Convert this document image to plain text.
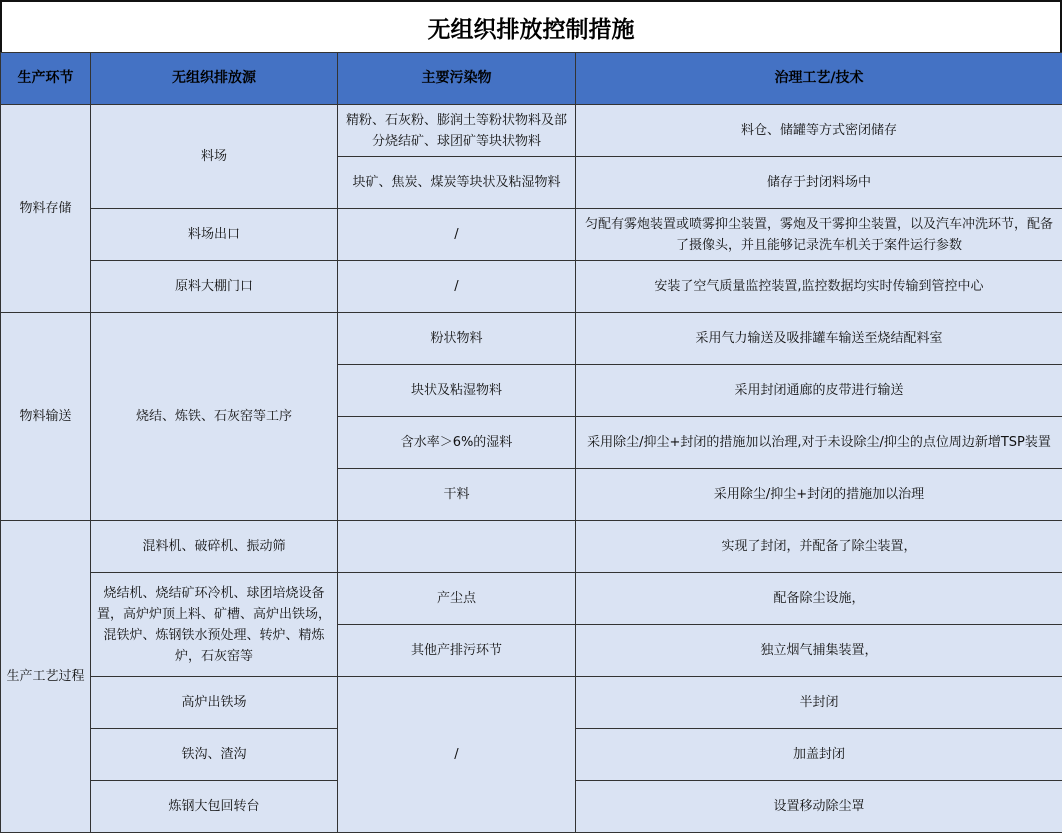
无组织排放控制措施
生产环节	无组织排放源	主要污染物	治理工艺/技术
物料存储	料场	精粉、石灰粉、膨润土等粉状物料及部分烧结矿、球团矿等块状物料	料仓、储罐等方式密闭储存
		块矿、焦炭、煤炭等块状及粘湿物料	储存于封闭料场中
	料场出口	/	匀配有雾炮装置或喷雾抑尘装置，雾炮及干雾抑尘装置，以及汽车冲洗环节，配备了摄像头，并且能够记录洗车机关于案件运行参数
	原料大棚门口	/	安装了空气质量监控装置,监控数据均实时传输到管控中心
物料输送	烧结、炼铁、石灰窑等工序	粉状物料	采用气力输送及吸排罐车输送至烧结配料室
		块状及粘湿物料	采用封闭通廊的皮带进行输送
		含水率＞6%的湿料	采用除尘/抑尘+封闭的措施加以治理,对于未设除尘/抑尘的点位周边新增TSP装置
		干料	采用除尘/抑尘+封闭的措施加以治理
生产工艺过程	混料机、破碎机、振动筛		实现了封闭，并配备了除尘装置，
	烧结机、烧结矿环冷机、球团培烧设备置，高炉炉顶上料、矿槽、高炉出铁场，混铁炉、炼钢铁水预处理、转炉、精炼炉，石灰窑等	产尘点	配备除尘设施，
		其他产排污环节	独立烟气捕集装置，
	高炉出铁场	/	半封闭
	铁沟、渣沟		加盖封闭
	炼钢大包回转台		设置移动除尘罩
